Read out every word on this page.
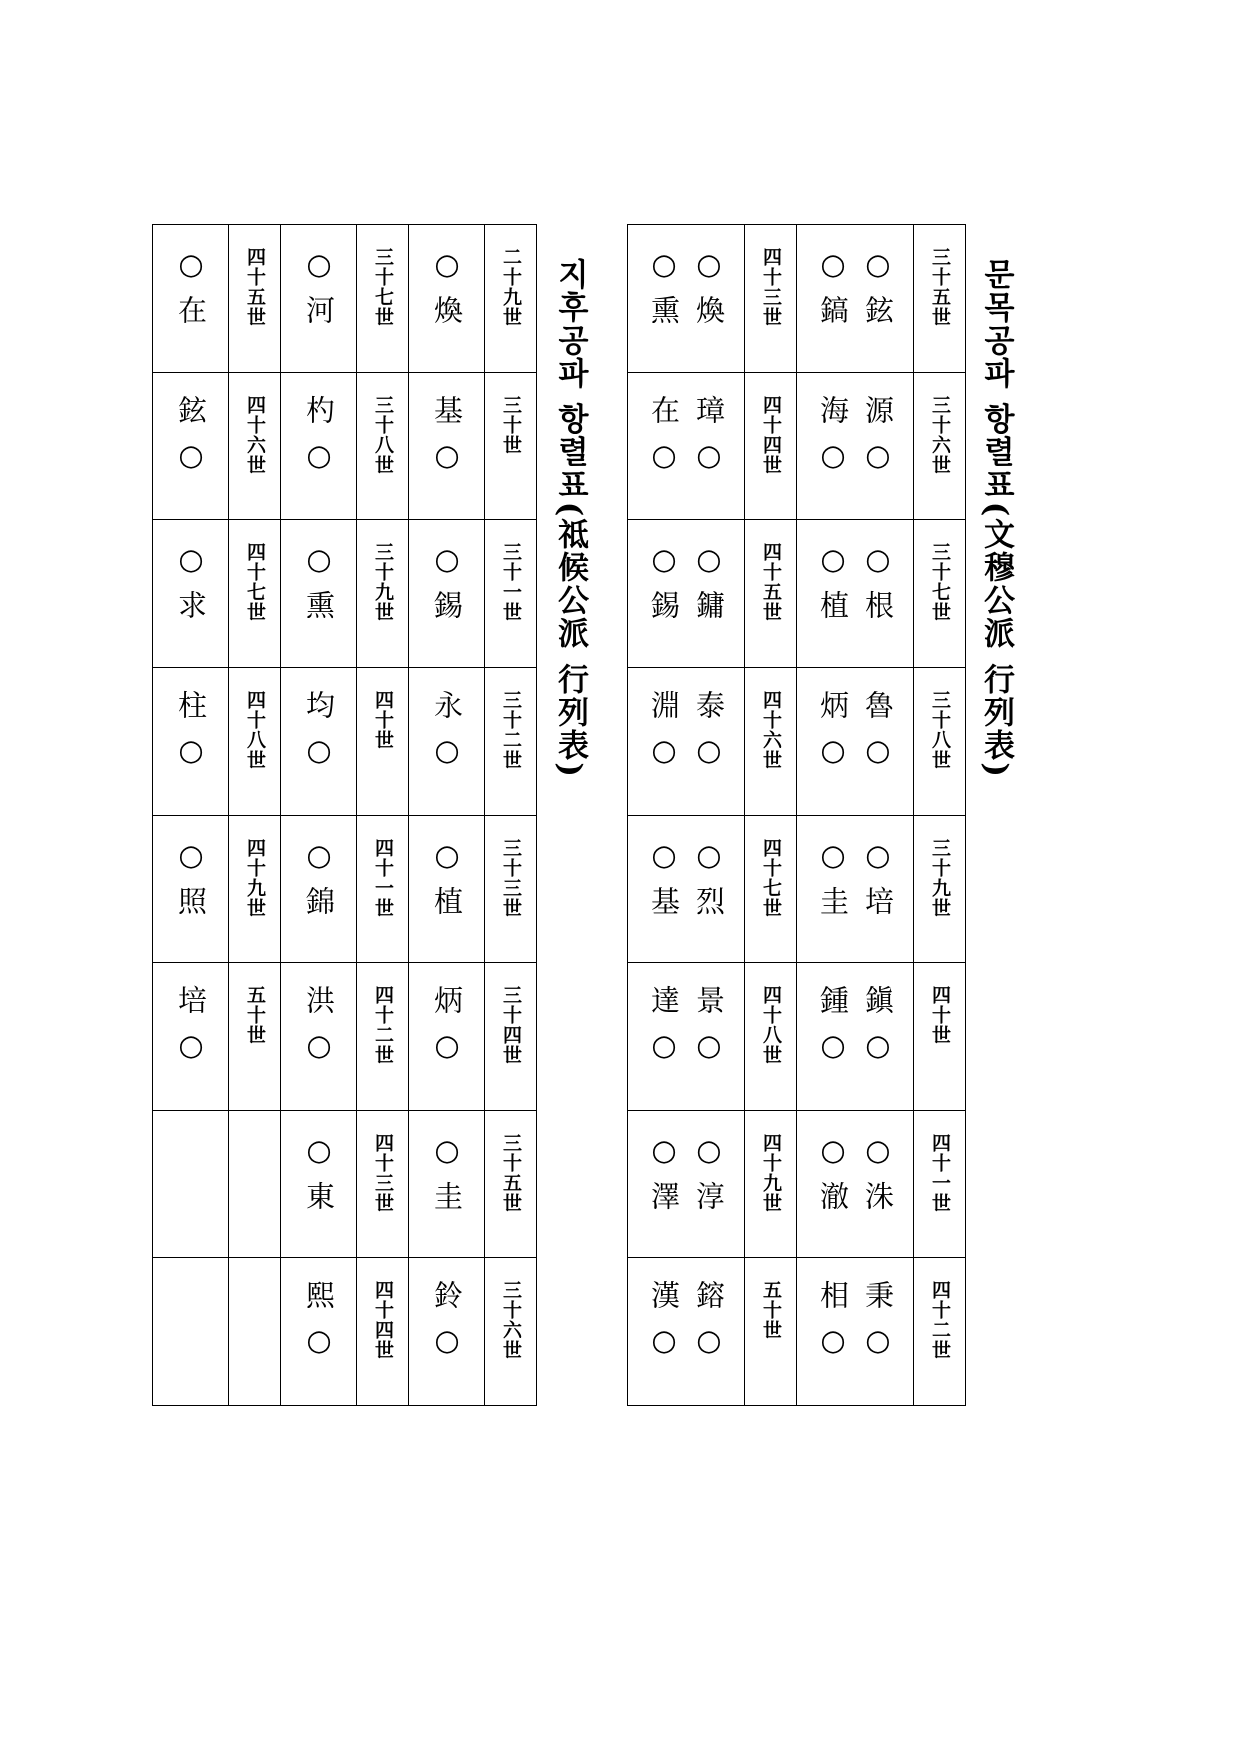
문목공파 항렬표(文穆公派 行列表)
지후공파 항렬표(祗候公派 行列表)	三十五世
三十六世
三十七世
三十八世
三十九世
四十世
四十一世
四十二世
○鎬 ○鉉
海○ 源○
○植 ○根
炳○ 魯○
○圭 ○培
鍾○ 鎭○
○澈 ○洙
相○ 秉○
四十三世
四十四世
四十五世
四十六世
四十七世
四十八世
四十九世
五十世
○熏 ○煥
在○ 璋○
○錫 ○鏞
淵○ 泰○
○基 ○烈
達○ 景○
○澤 ○淳
漢○ 鎔○
二十九世
三十世
三十一世
三十二世
三十三世
三十四世
三十五世
三十六世
○煥
基○
○錫
永○
○植
炳○
○圭
鈴○
三十七世
三十八世
三十九世
四十世
四十一世
四十二世
四十三世
四十四世
○河
杓○
○熏
均○
○錦
洪○
○東
熙○
四十五世
四十六世
四十七世
四十八世
四十九世
五十世
○在
鉉○
○求
柱○
○照
培○
